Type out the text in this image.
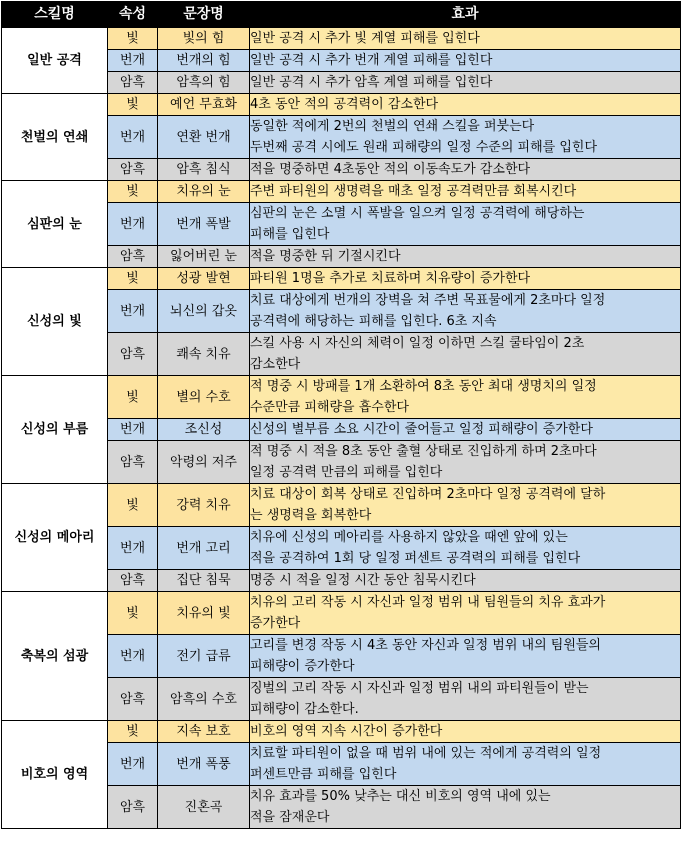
스킬명	속성	문장명	효과
일반 공격	빛	빛의 힘	일반 공격 시 추가 빛 계열 피해를 입힌다

	번개	번개의 힘	일반 공격 시 추가 번개 계열 피해를 입힌다

	암흑	암흑의 힘	일반 공격 시 추가 암흑 계열 피해를 입힌다

천벌의 연쇄	빛	예언 무효화	4초 동안 적의 공격력이 감소한다

	번개	연환 번개	동일한 적에게 2번의 천벌의 연쇄 스킬을 퍼붓는다
두번째 공격 시에도 원래 피해량의 일정 수준의 피해를 입힌다

	암흑	암흑 침식	적을 명중하면 4초동안 적의 이동속도가 감소한다

심판의 눈	빛	치유의 눈	주변 파티원의 생명력을 매초 일정 공격력만큼 회복시킨다

	번개	번개 폭발	심판의 눈은 소멸 시 폭발을 일으켜 일정 공격력에 해당하는
피해를 입힌다

	암흑	잃어버린 눈	적을 명중한 뒤 기절시킨다

신성의 빛	빛	성광 발현	파티원 1명을 추가로 치료하며 치유량이 증가한다

	번개	뇌신의 갑옷	치료 대상에게 번개의 장벽을 쳐 주변 목표물에게 2초마다 일정
공격력에 해당하는 피해를 입힌다. 6초 지속

	암흑	쾌속 치유	스킬 사용 시 자신의 체력이 일정 이하면 스킬 쿨타임이 2초
감소한다

신성의 부름	빛	별의 수호	적 명중 시 방패를 1개 소환하여 8초 동안 최대 생명치의 일정
수준만큼 피해량을 흡수한다

	번개	조신성	신성의 별부름 소요 시간이 줄어들고 일정 피해량이 증가한다

	암흑	악령의 저주	적 명중 시 적을 8초 동안 출혈 상태로 진입하게 하며 2초마다
일정 공격력 만큼의 피해를 입힌다

신성의 메아리	빛	강력 치유	치료 대상이 회복 상태로 진입하며 2초마다 일정 공격력에 달하
는 생명력을 회복한다

	번개	번개 고리	치유에 신성의 메아리를 사용하지 않았을 때엔 앞에 있는
적을 공격하여 1회 당 일정 퍼센트 공격력의 피해를 입힌다

	암흑	집단 침묵	명중 시 적을 일정 시간 동안 침묵시킨다

축복의 섬광	빛	치유의 빛	치유의 고리 작동 시 자신과 일정 범위 내 팀원들의 치유 효과가
증가한다

	번개	전기 급류	고리를 변경 작동 시 4초 동안 자신과 일정 범위 내의 팀원들의
피해량이 증가한다

	암흑	암흑의 수호	징벌의 고리 작동 시 자신과 일정 범위 내의 파티원들이 받는
피해량이 감소한다.

비호의 영역	빛	지속 보호	비호의 영역 지속 시간이 증가한다

	번개	번개 폭풍	치료할 파티원이 없을 때 범위 내에 있는 적에게 공격력의 일정
퍼센트만큼 피해를 입힌다

	암흑	진혼곡	치유 효과를 50% 낮추는 대신 비호의 영역 내에 있는
적을 잠재운다
